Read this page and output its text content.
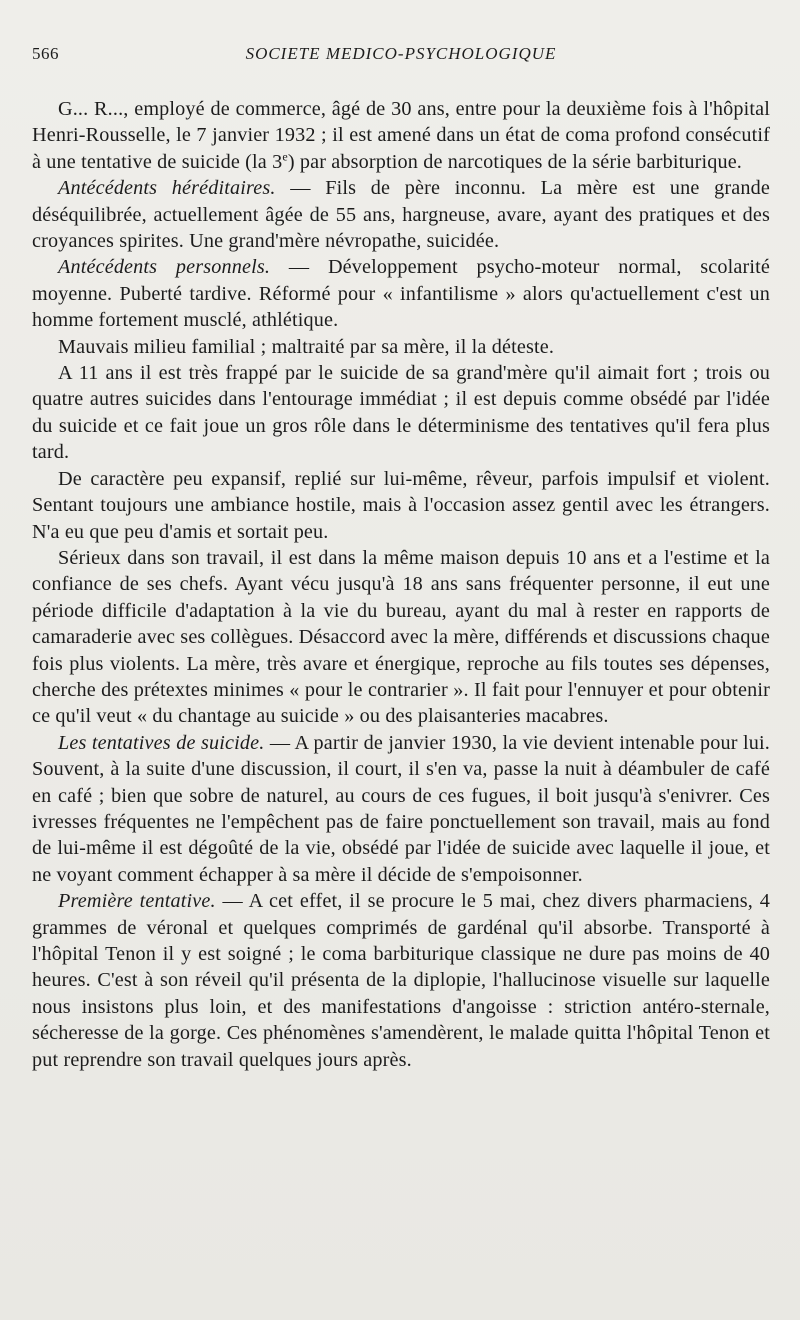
566	SOCIETE MEDICO-PSYCHOLOGIQUE

G... R..., employé de commerce, âgé de 30 ans, entre pour la deuxième fois à l'hôpital Henri-Rousselle, le 7 janvier 1932 ; il est amené dans un état de coma profond consécutif à une tentative de suicide (la 3e) par absorption de narcotiques de la série barbiturique.

Antécédents héréditaires. — Fils de père inconnu. La mère est une grande déséquilibrée, actuellement âgée de 55 ans, hargneuse, avare, ayant des pratiques et des croyances spirites. Une grand'mère névropathe, suicidée.

Antécédents personnels. — Développement psycho-moteur normal, scolarité moyenne. Puberté tardive. Réformé pour « infantilisme » alors qu'actuellement c'est un homme fortement musclé, athlétique.

Mauvais milieu familial ; maltraité par sa mère, il la déteste.

A 11 ans il est très frappé par le suicide de sa grand'mère qu'il aimait fort ; trois ou quatre autres suicides dans l'entourage immédiat ; il est depuis comme obsédé par l'idée du suicide et ce fait joue un gros rôle dans le déterminisme des tentatives qu'il fera plus tard.

De caractère peu expansif, replié sur lui-même, rêveur, parfois impulsif et violent. Sentant toujours une ambiance hostile, mais à l'occasion assez gentil avec les étrangers. N'a eu que peu d'amis et sortait peu.

Sérieux dans son travail, il est dans la même maison depuis 10 ans et a l'estime et la confiance de ses chefs. Ayant vécu jusqu'à 18 ans sans fréquenter personne, il eut une période difficile d'adaptation à la vie du bureau, ayant du mal à rester en rapports de camaraderie avec ses collègues. Désaccord avec la mère, différends et discussions chaque fois plus violents. La mère, très avare et énergique, reproche au fils toutes ses dépenses, cherche des prétextes minimes « pour le contrarier ». Il fait pour l'ennuyer et pour obtenir ce qu'il veut « du chantage au suicide » ou des plaisanteries macabres.

Les tentatives de suicide. — A partir de janvier 1930, la vie devient intenable pour lui. Souvent, à la suite d'une discussion, il court, il s'en va, passe la nuit à déambuler de café en café ; bien que sobre de naturel, au cours de ces fugues, il boit jusqu'à s'enivrer. Ces ivresses fréquentes ne l'empêchent pas de faire ponctuellement son travail, mais au fond de lui-même il est dégoûté de la vie, obsédé par l'idée de suicide avec laquelle il joue, et ne voyant comment échapper à sa mère il décide de s'empoisonner.

Première tentative. — A cet effet, il se procure le 5 mai, chez divers pharmaciens, 4 grammes de véronal et quelques comprimés de gardénal qu'il absorbe. Transporté à l'hôpital Tenon il y est soigné ; le coma barbiturique classique ne dure pas moins de 40 heures. C'est à son réveil qu'il présenta de la diplopie, l'hallucinose visuelle sur laquelle nous insistons plus loin, et des manifestations d'angoisse : striction antéro-sternale, sécheresse de la gorge. Ces phénomènes s'amendèrent, le malade quitta l'hôpital Tenon et put reprendre son travail quelques jours après.
